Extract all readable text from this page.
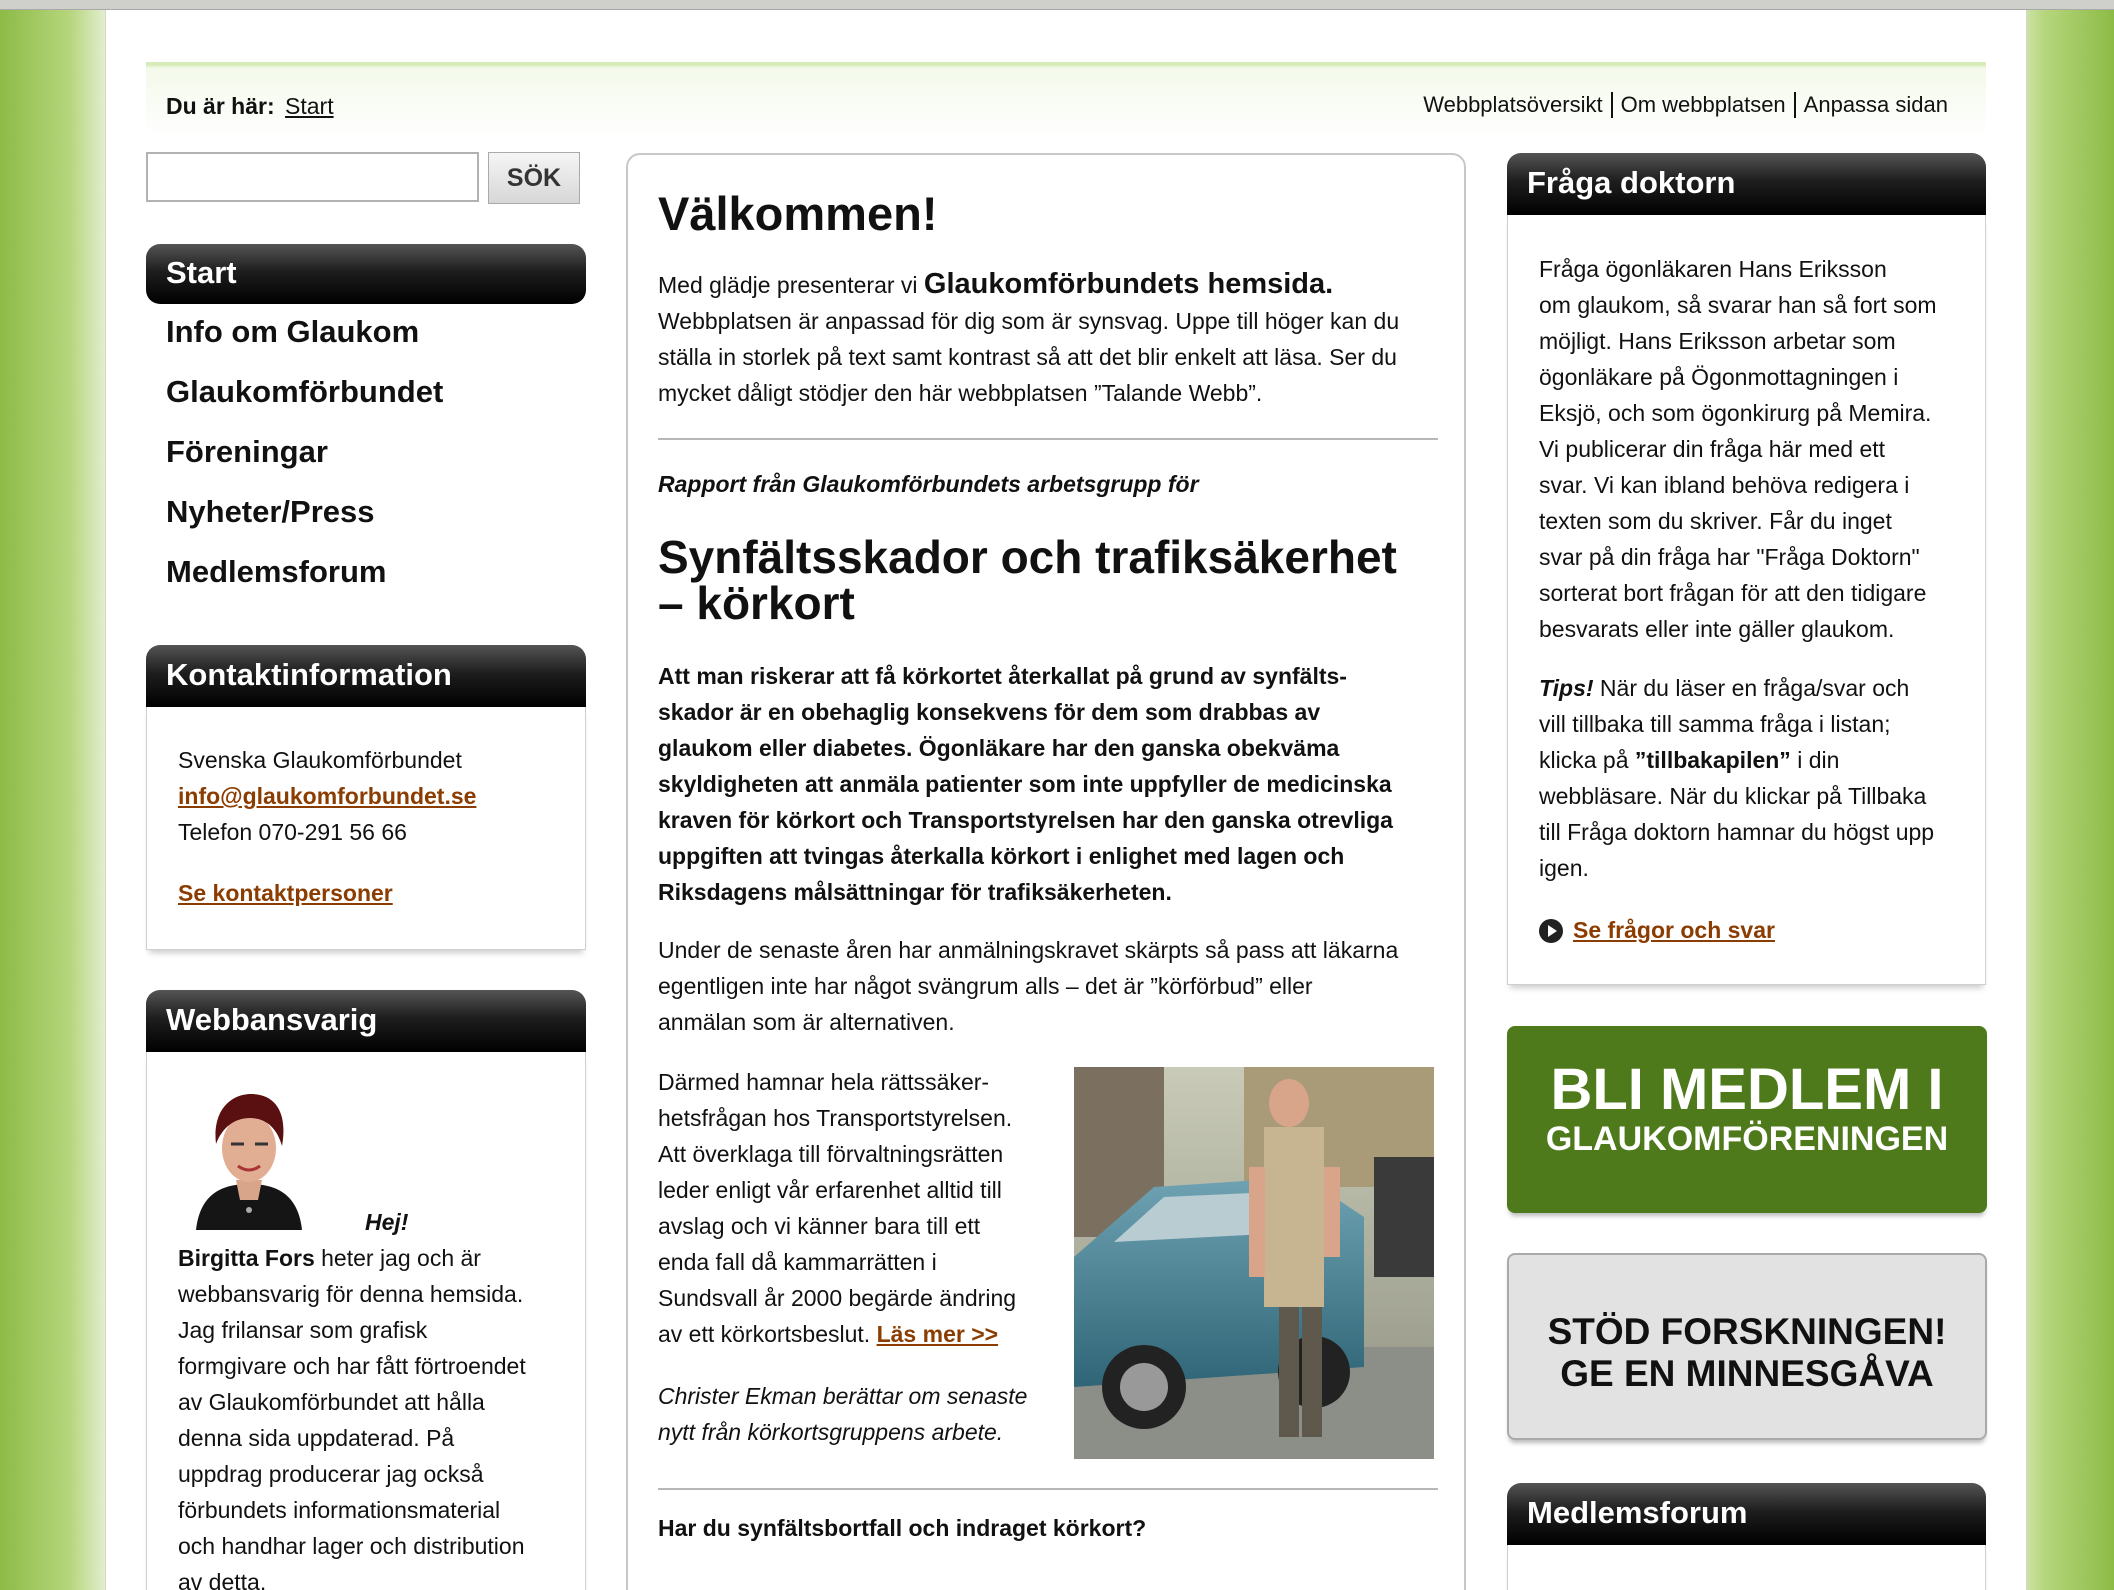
Du är här: Start	Webbplatsöversikt Om webbplatsen Anpassa sidan
SÖK
Start
Info om Glaukom
Glaukomförbundet
Föreningar
Nyheter/Press
Medlemsforum
Kontaktinformation
Svenska Glaukomförbundet
info@glaukomforbundet.se
Telefon 070-291 56 66
Se kontaktpersoner
Webbansvarig
Hej!
Birgitta Fors heter jag och är
webbansvarig för denna hemsida.
Jag frilansar som grafisk
formgivare och har fått förtroendet
av Glaukomförbundet att hålla
denna sida uppdaterad. På
uppdrag producerar jag också
förbundets informationsmaterial
och handhar lager och distribution
av detta.
Välkommen!
Med glädje presenterar vi Glaukomförbundets hemsida.
Webbplatsen är anpassad för dig som är synsvag. Uppe till höger kan du
ställa in storlek på text samt kontrast så att det blir enkelt att läsa. Ser du
mycket dåligt stödjer den här webbplatsen ”Talande Webb”.
Rapport från Glaukomförbundets arbetsgrupp för
Synfältsskador och trafiksäkerhet
– körkort
Att man riskerar att få körkortet återkallat på grund av synfälts-
skador är en obehaglig konsekvens för dem som drabbas av
glaukom eller diabetes. Ögonläkare har den ganska obekväma
skyldigheten att anmäla patienter som inte uppfyller de medicinska
kraven för körkort och Transportstyrelsen har den ganska otrevliga
uppgiften att tvingas återkalla körkort i enlighet med lagen och
Riksdagens målsättningar för trafiksäkerheten.
Under de senaste åren har anmälningskravet skärpts så pass att läkarna
egentligen inte har något svängrum alls – det är ”körförbud” eller
anmälan som är alternativen.
Därmed hamnar hela rättssäker-
hetsfrågan hos Transportstyrelsen.
Att överklaga till förvaltningsrätten
leder enligt vår erfarenhet alltid till
avslag och vi känner bara till ett
enda fall då kammarrätten i
Sundsvall år 2000 begärde ändring
av ett körkortsbeslut. Läs mer >>
Christer Ekman berättar om senaste
nytt från körkortsgruppens arbete.
Har du synfältsbortfall och indraget körkort?
Fråga doktorn
Fråga ögonläkaren Hans Eriksson
om glaukom, så svarar han så fort som
möjligt. Hans Eriksson arbetar som
ögonläkare på Ögonmottagningen i
Eksjö, och som ögonkirurg på Memira.
Vi publicerar din fråga här med ett
svar. Vi kan ibland behöva redigera i
texten som du skriver. Får du inget
svar på din fråga har "Fråga Doktorn"
sorterat bort frågan för att den tidigare
besvarats eller inte gäller glaukom.
Tips! När du läser en fråga/svar och
vill tillbaka till samma fråga i listan;
klicka på ”tillbakapilen” i din
webbläsare. När du klickar på Tillbaka
till Fråga doktorn hamnar du högst upp
igen.
Se frågor och svar
BLI MEDLEM I
GLAUKOMFÖRENINGEN
STÖD FORSKNINGEN!
GE EN MINNESGÅVA
Medlemsforum
